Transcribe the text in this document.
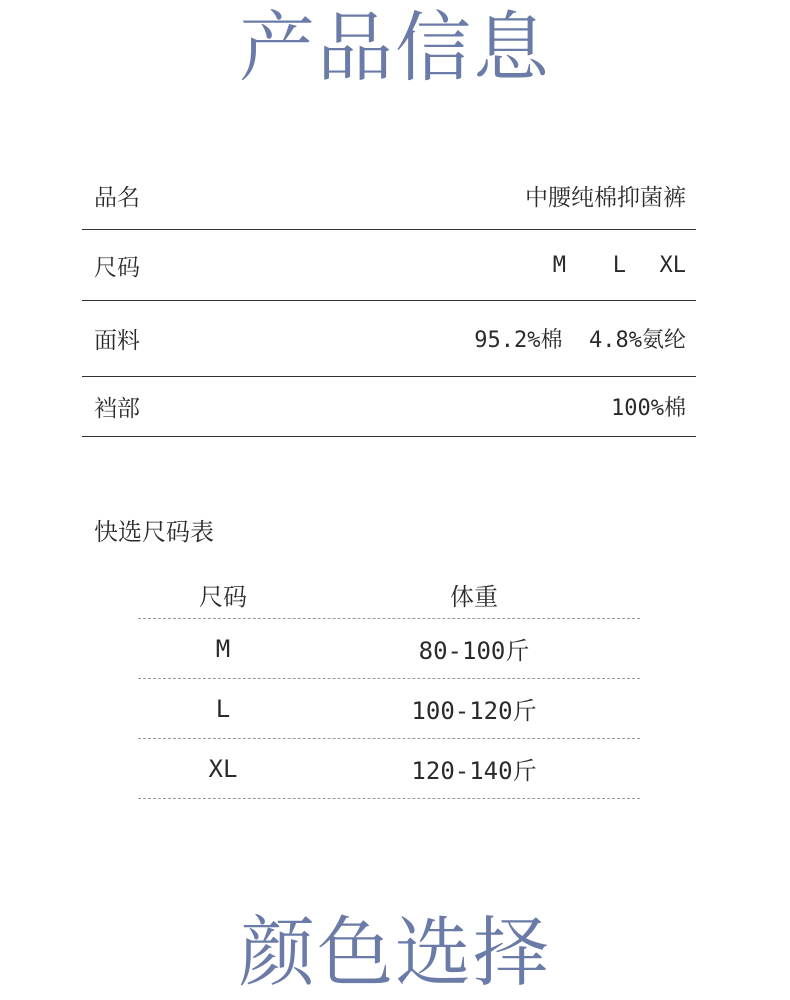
产品信息
品名	中腰纯棉抑菌裤
尺码	M	L	XL
面料	95.2%棉  4.8%氨纶
裆部	100%棉
快选尺码表
尺码	体重
M	80-100斤
L	100-120斤
XL	120-140斤
颜色选择
